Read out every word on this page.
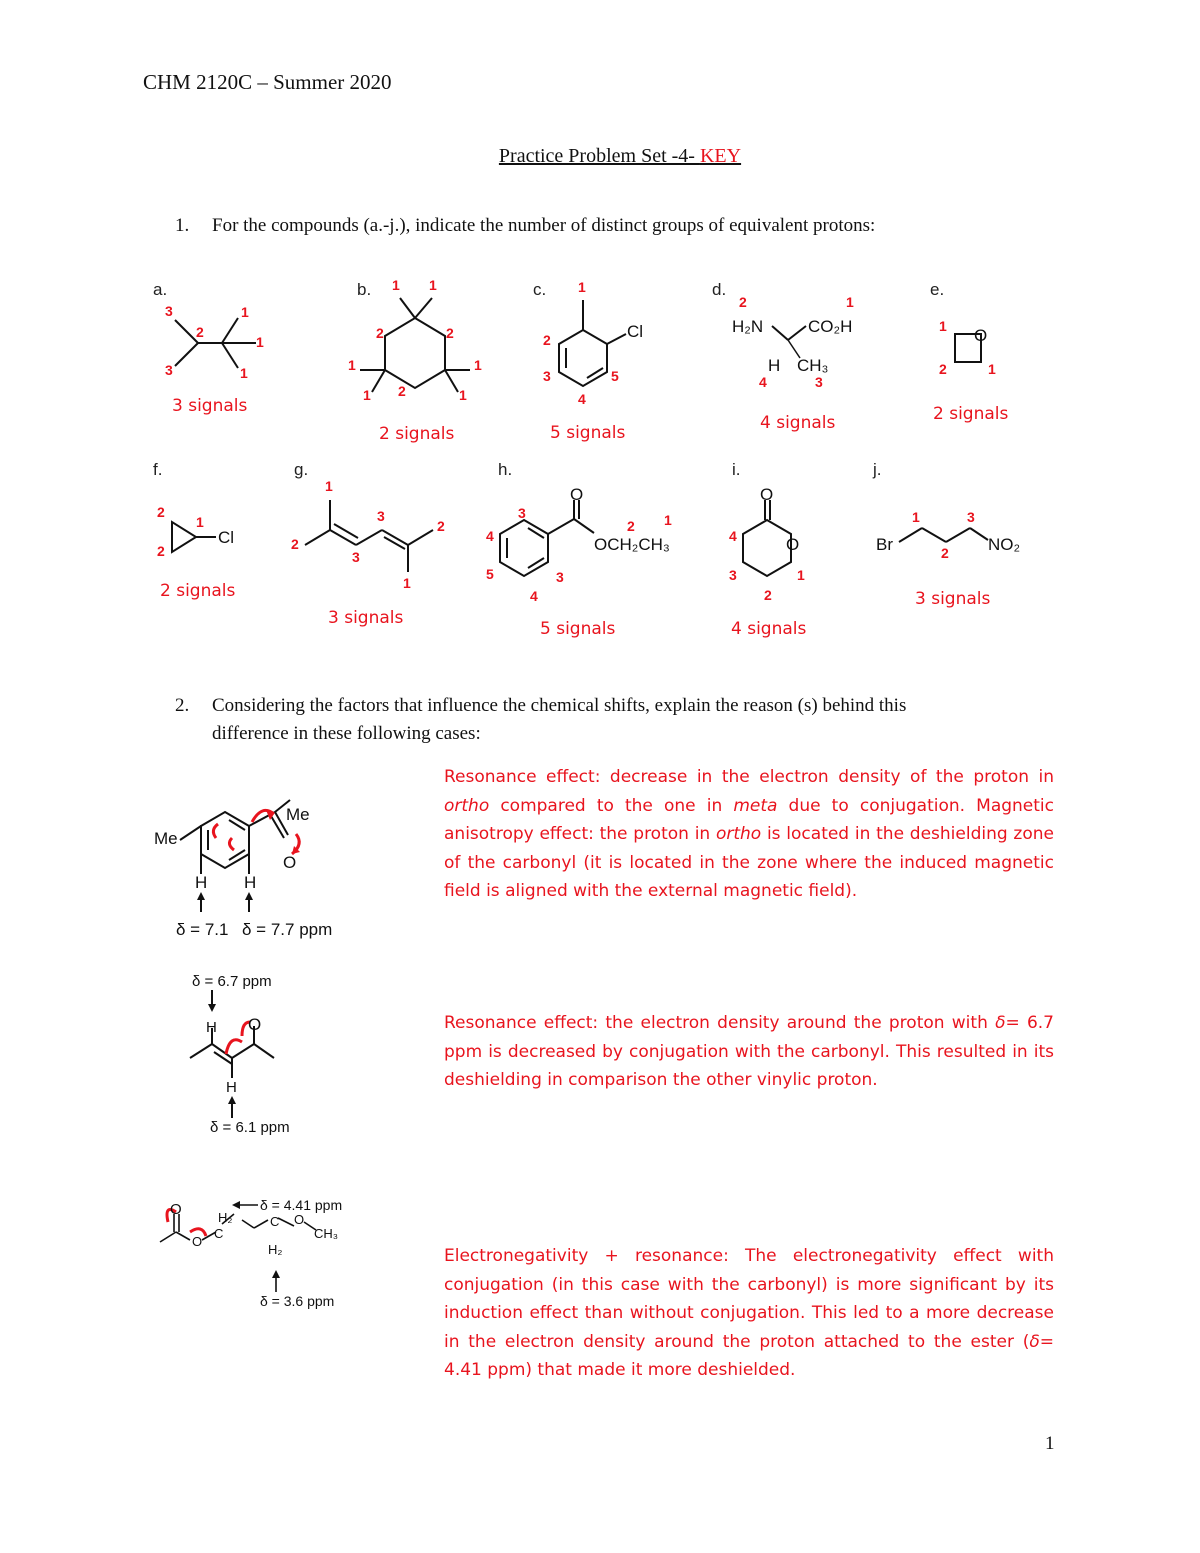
CHM 2120C – Summer 2020
Practice Problem Set -4- KEY
1. For the compounds (a.-j.), indicate the number of distinct groups of equivalent protons:
a.	b.	c.	d.	e.
f.	g.	h.	i.	j.
3 signals
2 signals	5 signals	4 signals	2 signals
2 signals
3 signals
5 signals	4 signals
3 signals
Cl	H₂N	CO₂H
H CH₃
O
Cl
O
OCH₂CH₃
O
O	Br	NO₂
3
2
1
1
3	1
1 1
2	2
1	1
1 2	1
1
2
3
4
5
2	1
4	3
1
2	1
2
1
2
1
3
2
2
3
1
3
4
5	3
4
2 1
4
3	1
2
1	3
2
2. Considering the factors that influence the chemical shifts, explain the reason (s) behind this
difference in these following cases:
Me
Me
O
H H
δ = 7.1 δ = 7.7 ppm

Resonance effect: decrease in the electron density of the proton in ortho compared to the one in meta due to conjugation. Magnetic anisotropy effect: the proton in ortho is located in the deshielding zone of the carbonyl (it is located in the zone where the induced magnetic field is aligned with the external magnetic field).

δ = 6.7 ppm
H O
H
δ = 6.1 ppm

Resonance effect: the electron density around the proton with δ= 6.7 ppm is decreased by conjugation with the carbonyl. This resulted in its deshielding in comparison the other vinylic proton.

δ = 4.41 ppm
O
O
H₂
C
C O
CH₃
H₂
δ = 3.6 ppm

Electronegativity + resonance: The electronegativity effect with conjugation (in this case with the carbonyl) is more significant by its induction effect than without conjugation. This led to a more decrease in the electron density around the proton attached to the ester (δ= 4.41 ppm) that made it more deshielded.

1
